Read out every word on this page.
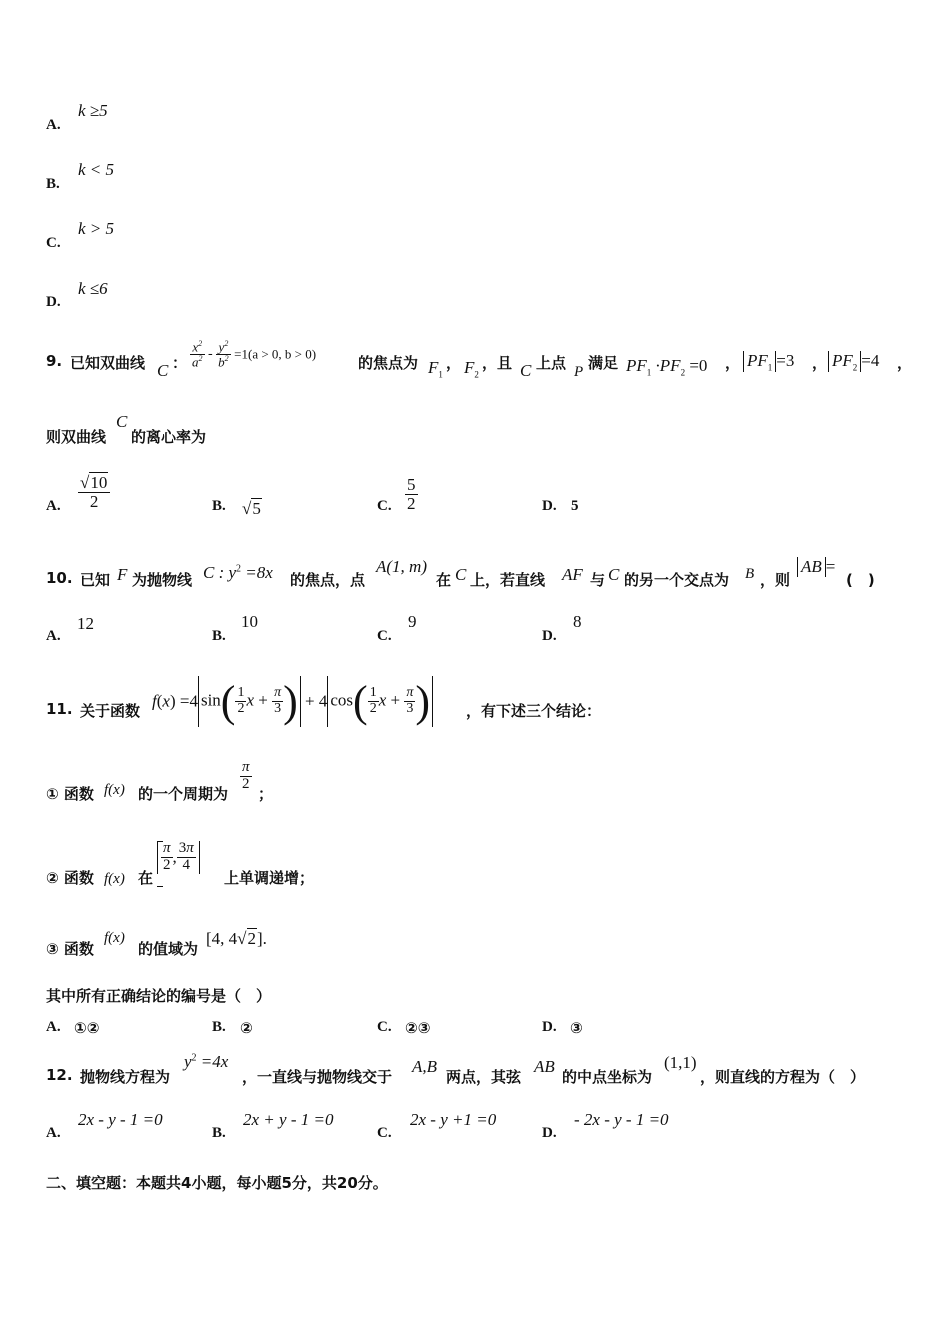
A.
k ≥5
B.
k < 5
C.
k > 5
D.
k ≤6
9. 已知双曲线 C ： $\frac{x^2}{a^2} - \frac{y^2}{b^2} =1(a > 0$, b > 0)
的焦点为 $F_1$
， $F_2$
，且 C 上点 P 满足 $PF_1 \cdot PF_2 =0$ ， $PF_1 =3$ ， $PF_2 =4$ ，
则双曲线
C
的离心率为
A. $\frac{√10}{2}$	B. √5	C. $\frac{5}{2}$	D. 5
10. 已知 F 为抛物线 C : $y^2 =8x$ 的焦点，点
A(1, m)
在 C 上，若直线 AF 与 C 的另一个交点为 B ，则
AB =
(　)
A.
12
B.
10
C.
9
D.
8
11. 关于函数
f(x) =4 $\sin( \frac{1}{2}$ $x + \frac{\pi}{3}$ ) + 4 $\cos( \frac{1}{2}$ $x + \frac{\pi}{3}$ ) ，有下述三个结论：
① 函数 f(x) 的一个周期为
$\frac{\pi}{2}$
；
② 函数 f(x) 在
$\frac{\pi}{2}$ , $\frac{3\pi}{4}$
上单调递增；
③ 函数
f(x)
的值域为
[4, 4√2].
其中所有正确结论的编号是（　）
A. ①②	B. ②	C. ②③	D. ③
12. 抛物线方程为
$y^2 =4x$
，一直线与抛物线交于
A,B
两点，其弦
AB
的中点坐标为
(1,1)
，则直线的方程为（　）
A.
2x - y - 1 =0
B.
2x + y - 1 =0
C.
2x - y +1 =0
D.
- 2x - y - 1 =0
二、填空题：本题共4小题，每小题5分，共20分。
